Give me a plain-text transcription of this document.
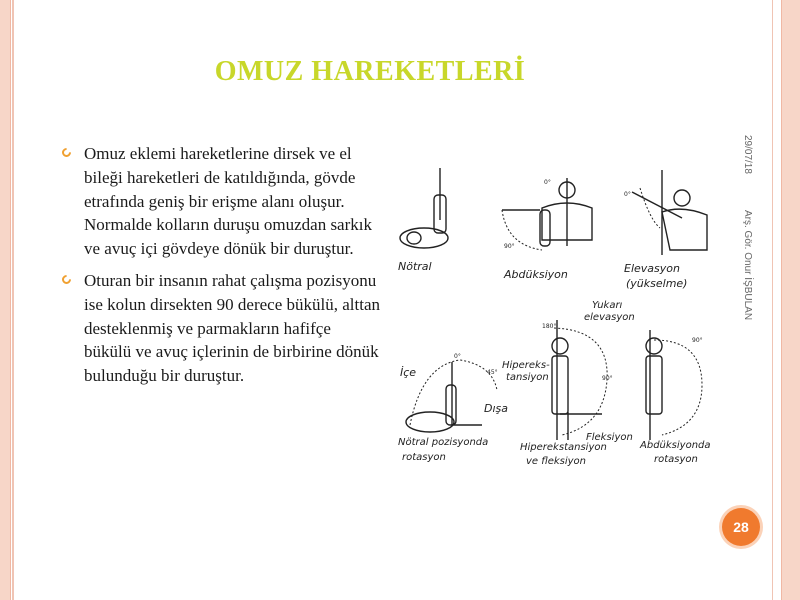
OMUZ HAREKETLERİ
29/07/18
Arş. Gör. Onur İŞBULAN
Omuz eklemi hareketlerine dirsek ve el bileği hareketleri de katıldığında, gövde etrafında geniş bir erişme alanı oluşur. Normalde kolların duruşu omuzdan sarkık ve avuç içi gövdeye dönük bir duruştur.
Oturan bir insanın rahat çalışma pozisyonu ise kolun dirsekten 90 derece bükülü, alttan desteklenmiş ve parmakların hafifçe bükülü ve avuç içlerinin de birbirine dönük bulunduğu bir duruştur.
Nötral
0°
90°
Abdüksiyon
0°
Elevasyon
(yükselme)
İçe
Dışa
0°
45°
Nötral pozisyonda
rotasyon
Yukarı
elevasyon
Hipereks-
tansiyon
Fleksiyon
90°
180°
Hiperekstansiyon
ve fleksiyon
90°
Abdüksiyonda
rotasyon
28
